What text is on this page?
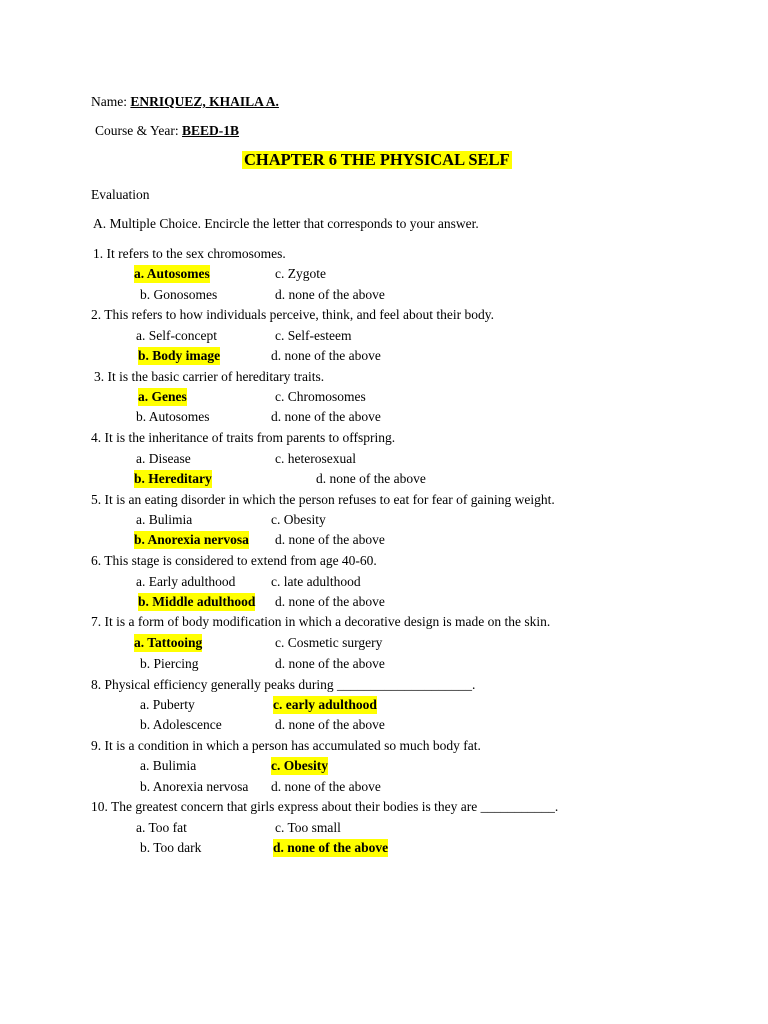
Name: ENRIQUEZ, KHAILA A.
Course & Year: BEED-1B
CHAPTER 6 THE PHYSICAL SELF
Evaluation
A. Multiple Choice. Encircle the letter that corresponds to your answer.
1. It refers to the sex chromosomes.
a. Autosomes	c. Zygote
b. Gonosomes	d. none of the above
2. This refers to how individuals perceive, think, and feel about their body.
a. Self-concept	c. Self-esteem
b. Body image	d. none of the above
3. It is the basic carrier of hereditary traits.
a. Genes	c. Chromosomes
b. Autosomes	d. none of the above
4. It is the inheritance of traits from parents to offspring.
a. Disease	c. heterosexual
b. Hereditary	d. none of the above
5. It is an eating disorder in which the person refuses to eat for fear of gaining weight.
a. Bulimia	c. Obesity
b. Anorexia nervosa d. none of the above
6. This stage is considered to extend from age 40-60.
a. Early adulthood	c. late adulthood
b. Middle adulthood d. none of the above
7. It is a form of body modification in which a decorative design is made on the skin.
a. Tattooing	c. Cosmetic surgery
b. Piercing	d. none of the above
8. Physical efficiency generally peaks during ____________________.
a. Puberty	c. early adulthood
b. Adolescence	d. none of the above
9. It is a condition in which a person has accumulated so much body fat.
a. Bulimia	c. Obesity
b. Anorexia nervosa d. none of the above
10. The greatest concern that girls express about their bodies is they are ___________.
a. Too fat	c. Too small
b. Too dark	d. none of the above
